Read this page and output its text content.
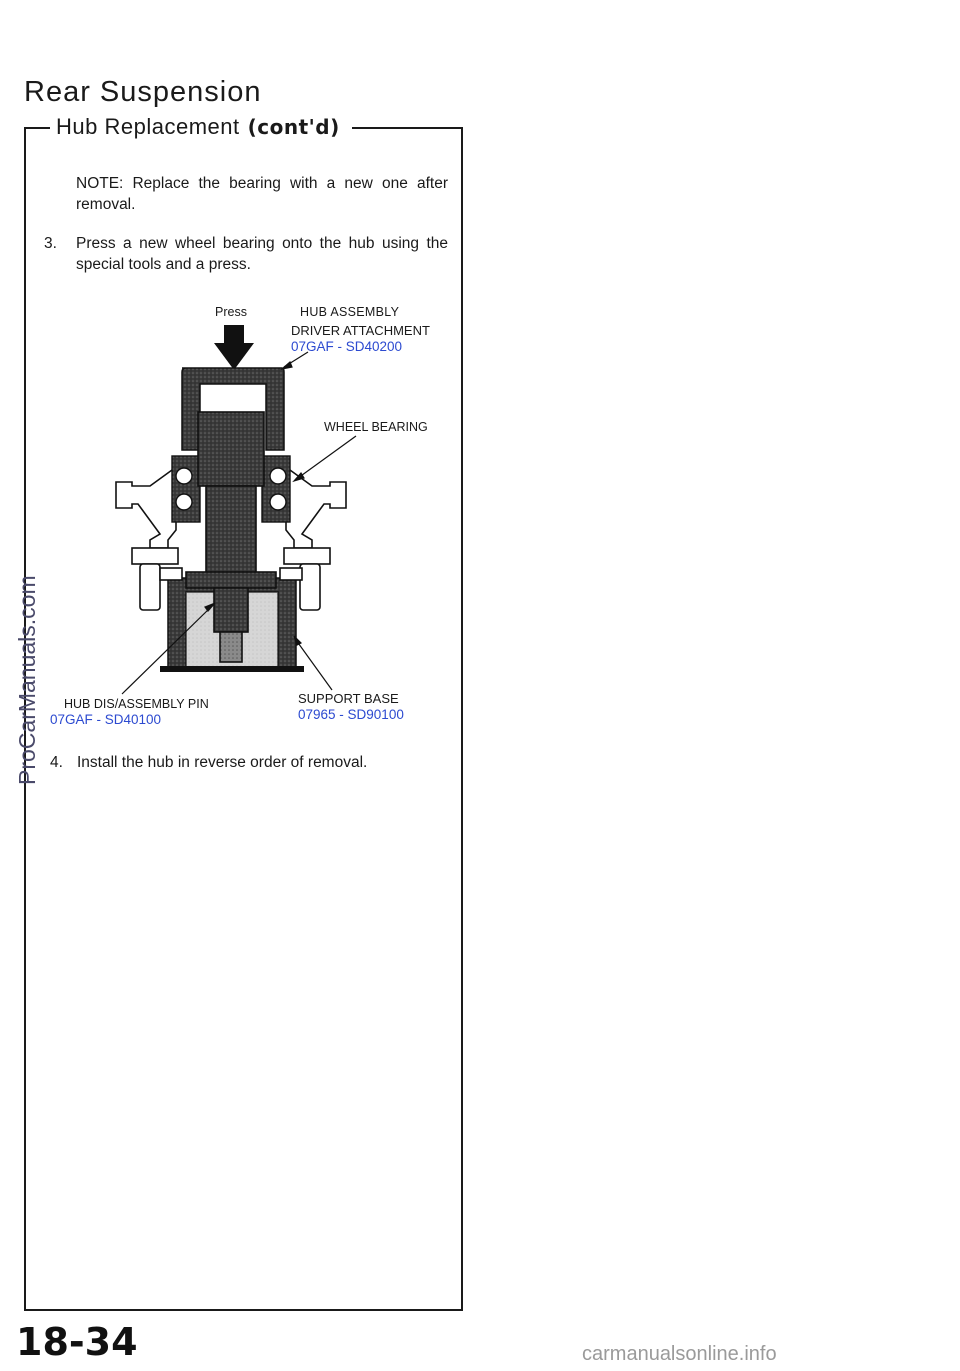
Rear Suspension
Hub Replacement (cont'd)
NOTE: Replace the bearing with a new one after removal.
3.	Press a new wheel bearing onto the hub using the special tools and a press.
Press	HUB ASSEMBLY
DRIVER ATTACHMENT
07GAF - SD40200
WHEEL BEARING
HUB DIS/ASSEMBLY PIN
07GAF - SD40100
SUPPORT BASE
07965 - SD90100
4. Install the hub in reverse order of removal.
18-34
ProCarManuals.com
carmanualsonline.info
